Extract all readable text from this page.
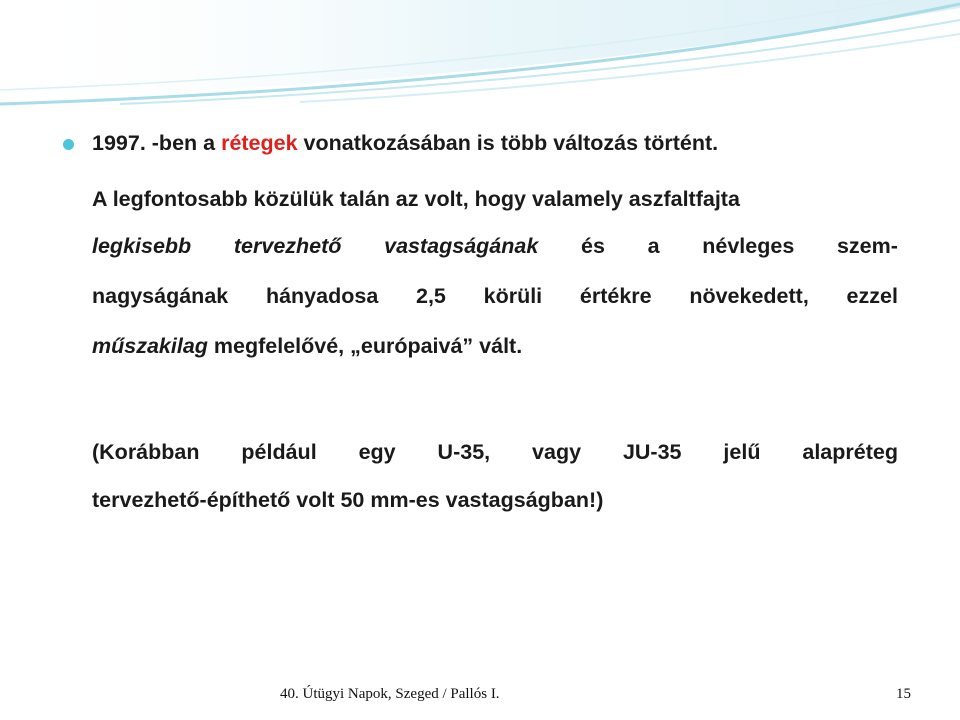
1997. -ben a rétegek vonatkozásában is több változás történt.
A legfontosabb közülük talán az volt, hogy valamely aszfaltfajta
legkisebb tervezhető vastagságának és a névleges szem-
nagyságának hányadosa 2,5 körüli értékre növekedett, ezzel
műszakilag megfelelővé, „európaivá” vált.
(Korábban például egy U-35, vagy JU-35 jelű alapréteg
tervezhető-építhető volt 50 mm-es vastagságban!)
40. Útügyi Napok, Szeged / Pallós I.	15
